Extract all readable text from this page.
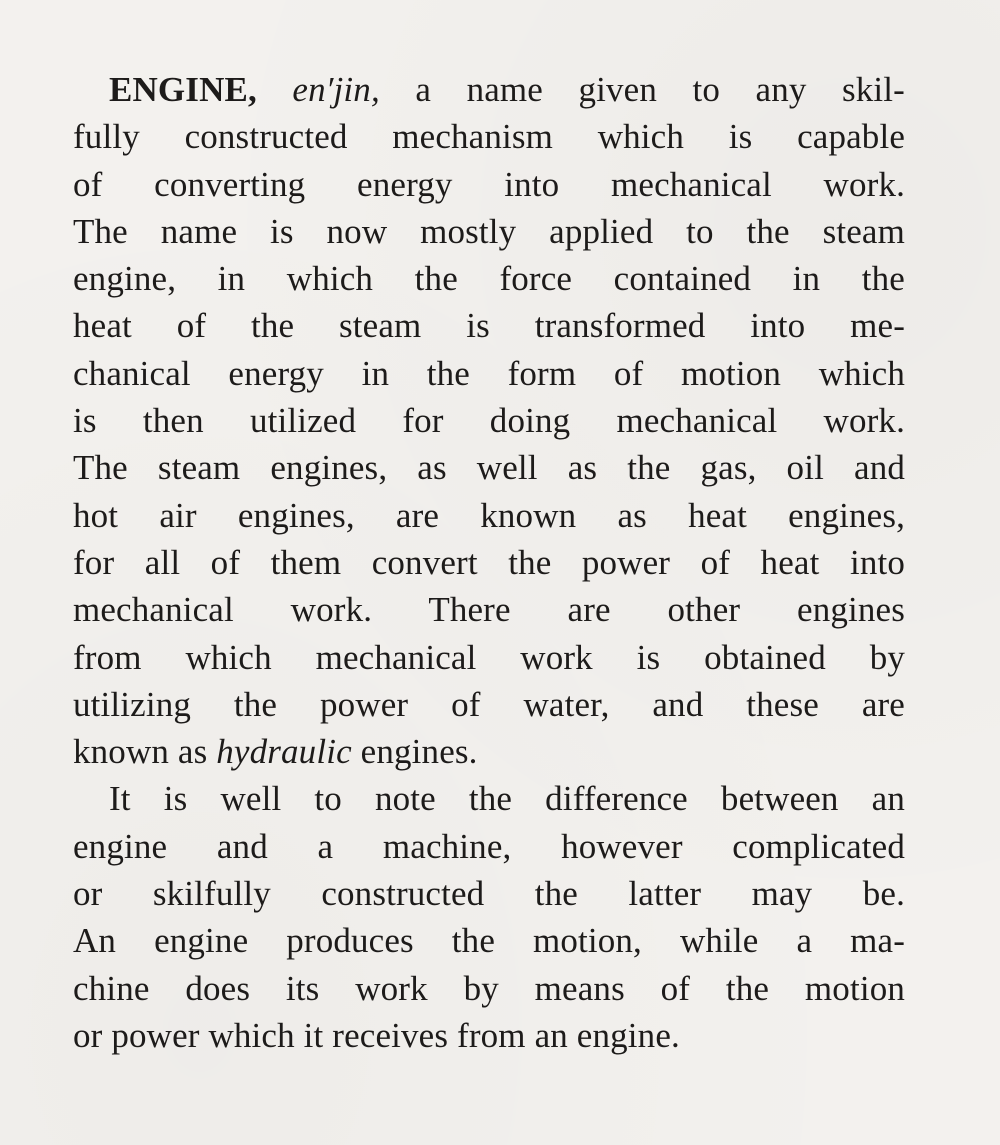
ENGINE, en′jin, a name given to any skil-
fully constructed mechanism which is capable
of converting energy into mechanical work.
The name is now mostly applied to the steam
engine, in which the force contained in the
heat of the steam is transformed into me-
chanical energy in the form of motion which
is then utilized for doing mechanical work.
The steam engines, as well as the gas, oil and
hot air engines, are known as heat engines,
for all of them convert the power of heat into
mechanical work. There are other engines
from which mechanical work is obtained by
utilizing the power of water, and these are
known as hydraulic engines.
It is well to note the difference between an
engine and a machine, however complicated
or skilfully constructed the latter may be.
An engine produces the motion, while a ma-
chine does its work by means of the motion
or power which it receives from an engine.
